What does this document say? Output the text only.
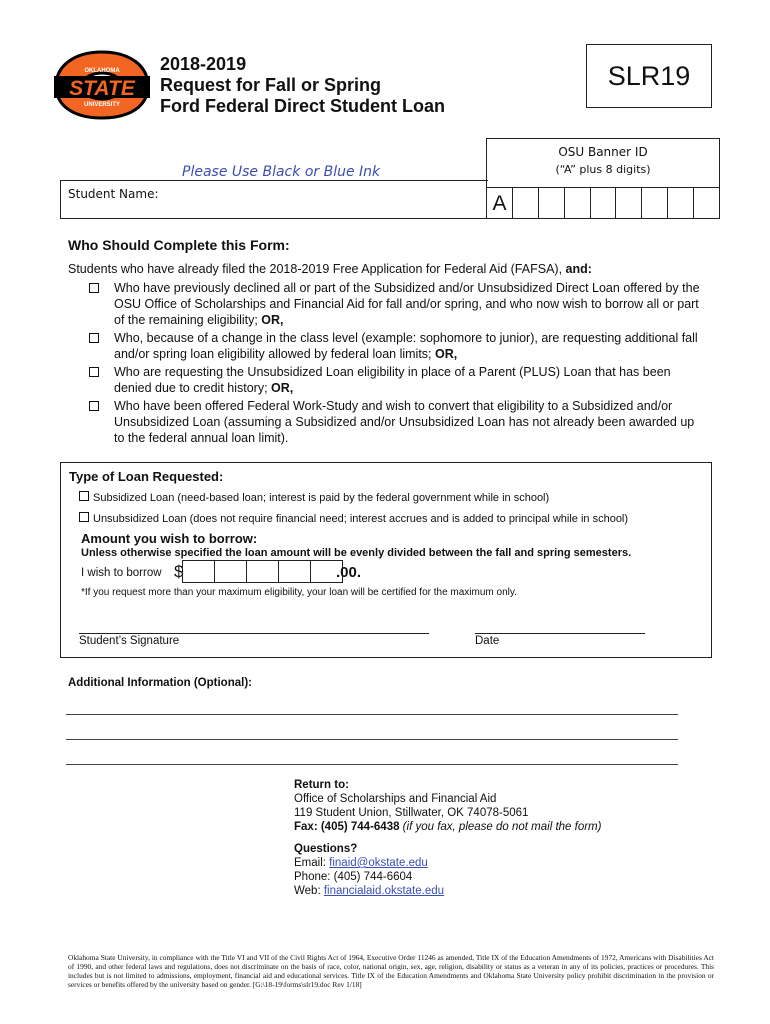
OKLAHOMA
STATE
UNIVERSITY
2018-2019
Request for Fall or Spring
Ford Federal Direct Student Loan
SLR19
Please Use Black or Blue Ink
OSU Banner ID
(“A” plus 8 digits)
A
Student Name:
Who Should Complete this Form:
Students who have already filed the 2018-2019 Free Application for Federal Aid (FAFSA), and:
Who have previously declined all or part of the Subsidized and/or Unsubsidized Direct Loan offered by the OSU Office of Scholarships and Financial Aid for fall and/or spring, and who now wish to borrow all or part of the remaining eligibility; OR,
Who, because of a change in the class level (example: sophomore to junior), are requesting additional fall and/or spring loan eligibility allowed by federal loan limits; OR,
Who are requesting the Unsubsidized Loan eligibility in place of a Parent (PLUS) Loan that has been denied due to credit history; OR,
Who have been offered Federal Work-Study and wish to convert that eligibility to a Subsidized and/or Unsubsidized Loan (assuming a Subsidized and/or Unsubsidized Loan has not already been awarded up to the federal annual loan limit).
Type of Loan Requested:
Subsidized Loan (need-based loan; interest is paid by the federal government while in school)
Unsubsidized Loan (does not require financial need; interest accrues and is added to principal while in school)
Amount you wish to borrow:
Unless otherwise specified the loan amount will be evenly divided between the fall and spring semesters.
I wish to borrow $	.00.
*If you request more than your maximum eligibility, your loan will be certified for the maximum only.
Student’s Signature	Date
Additional Information (Optional):
Return to:
Office of Scholarships and Financial Aid
119 Student Union, Stillwater, OK 74078-5061
Fax: (405) 744-6438 (if you fax, please do not mail the form)
Questions?
Email: finaid@okstate.edu
Phone: (405) 744-6604
Web: financialaid.okstate.edu
Oklahoma State University, in compliance with the Title VI and VII of the Civil Rights Act of 1964, Executive Order 11246 as amended, Title IX of the Education Amendments of 1972, Americans with Disabilities Act of 1990, and other federal laws and regulations, does not discriminate on the basis of race, color, national origin, sex, age, religion, disability or status as a veteran in any of its policies, practices or procedures. This includes but is not limited to admissions, employment, financial aid and educational services. Title IX of the Education Amendments and Oklahoma State University policy prohibit discrimination in the provision or services or benefits offered by the university based on gender. [G:\18-19\forms\slr19.doc Rev 1/18]
